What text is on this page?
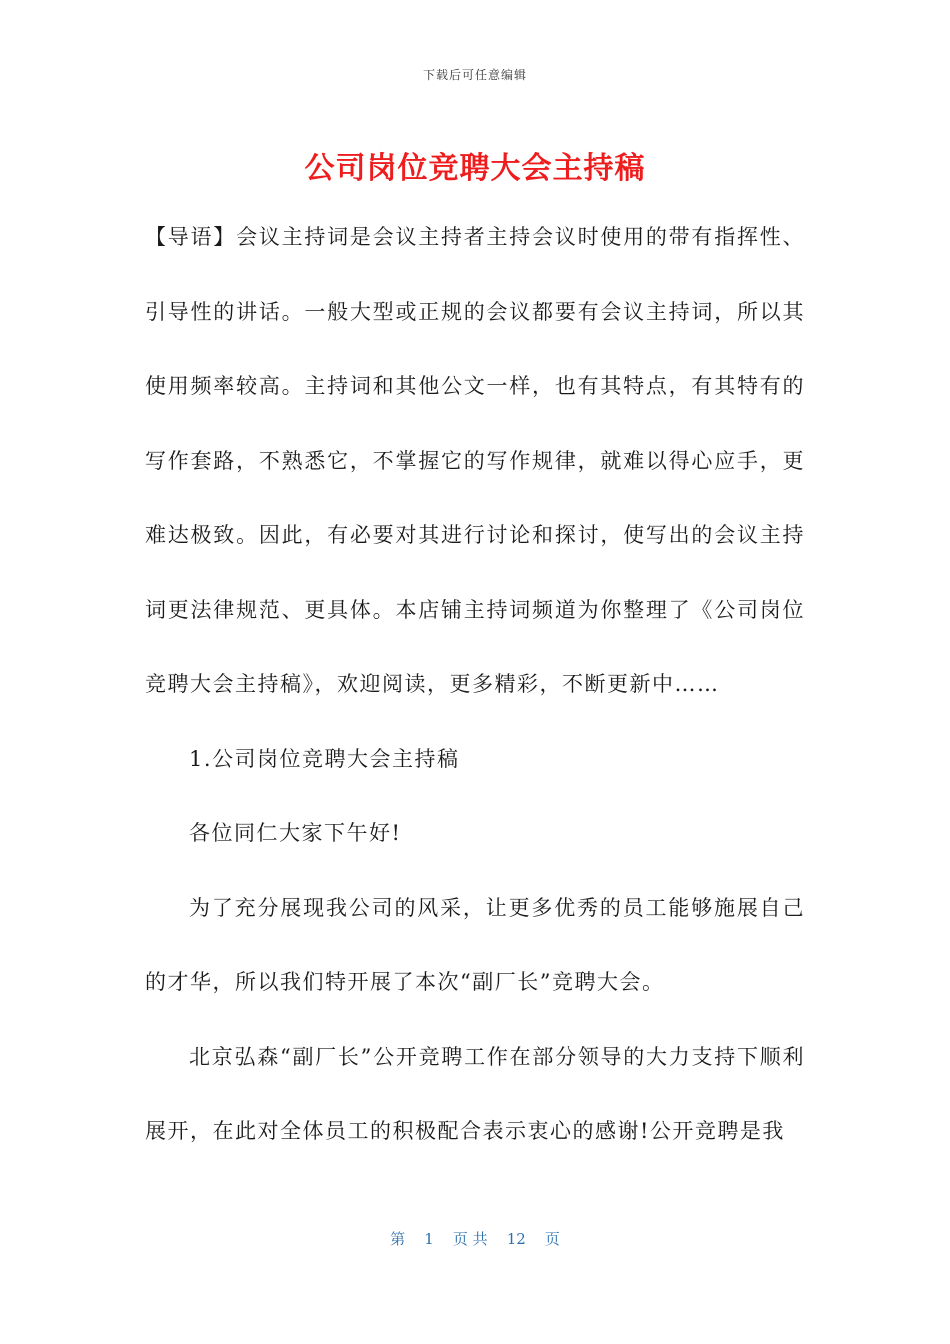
下载后可任意编辑
公司岗位竞聘大会主持稿

【导语】会议主持词是会议主持者主持会议时使用的带有指挥性、引导性的讲话。一般大型或正规的会议都要有会议主持词，所以其使用频率较高。主持词和其他公文一样，也有其特点，有其特有的写作套路，不熟悉它，不掌握它的写作规律，就难以得心应手，更难达极致。因此，有必要对其进行讨论和探讨，使写出的会议主持词更法律规范、更具体。本店铺主持词频道为你整理了《公司岗位竞聘大会主持稿》，欢迎阅读，更多精彩，不断更新中……

1.公司岗位竞聘大会主持稿

各位同仁大家下午好!

为了充分展现我公司的风采，让更多优秀的员工能够施展自己的才华，所以我们特开展了本次“副厂长”竞聘大会。

北京弘森“副厂长”公开竞聘工作在部分领导的大力支持下顺利展开，在此对全体员工的积极配合表示衷心的感谢!公开竞聘是我

第 1 页 共 12 页
